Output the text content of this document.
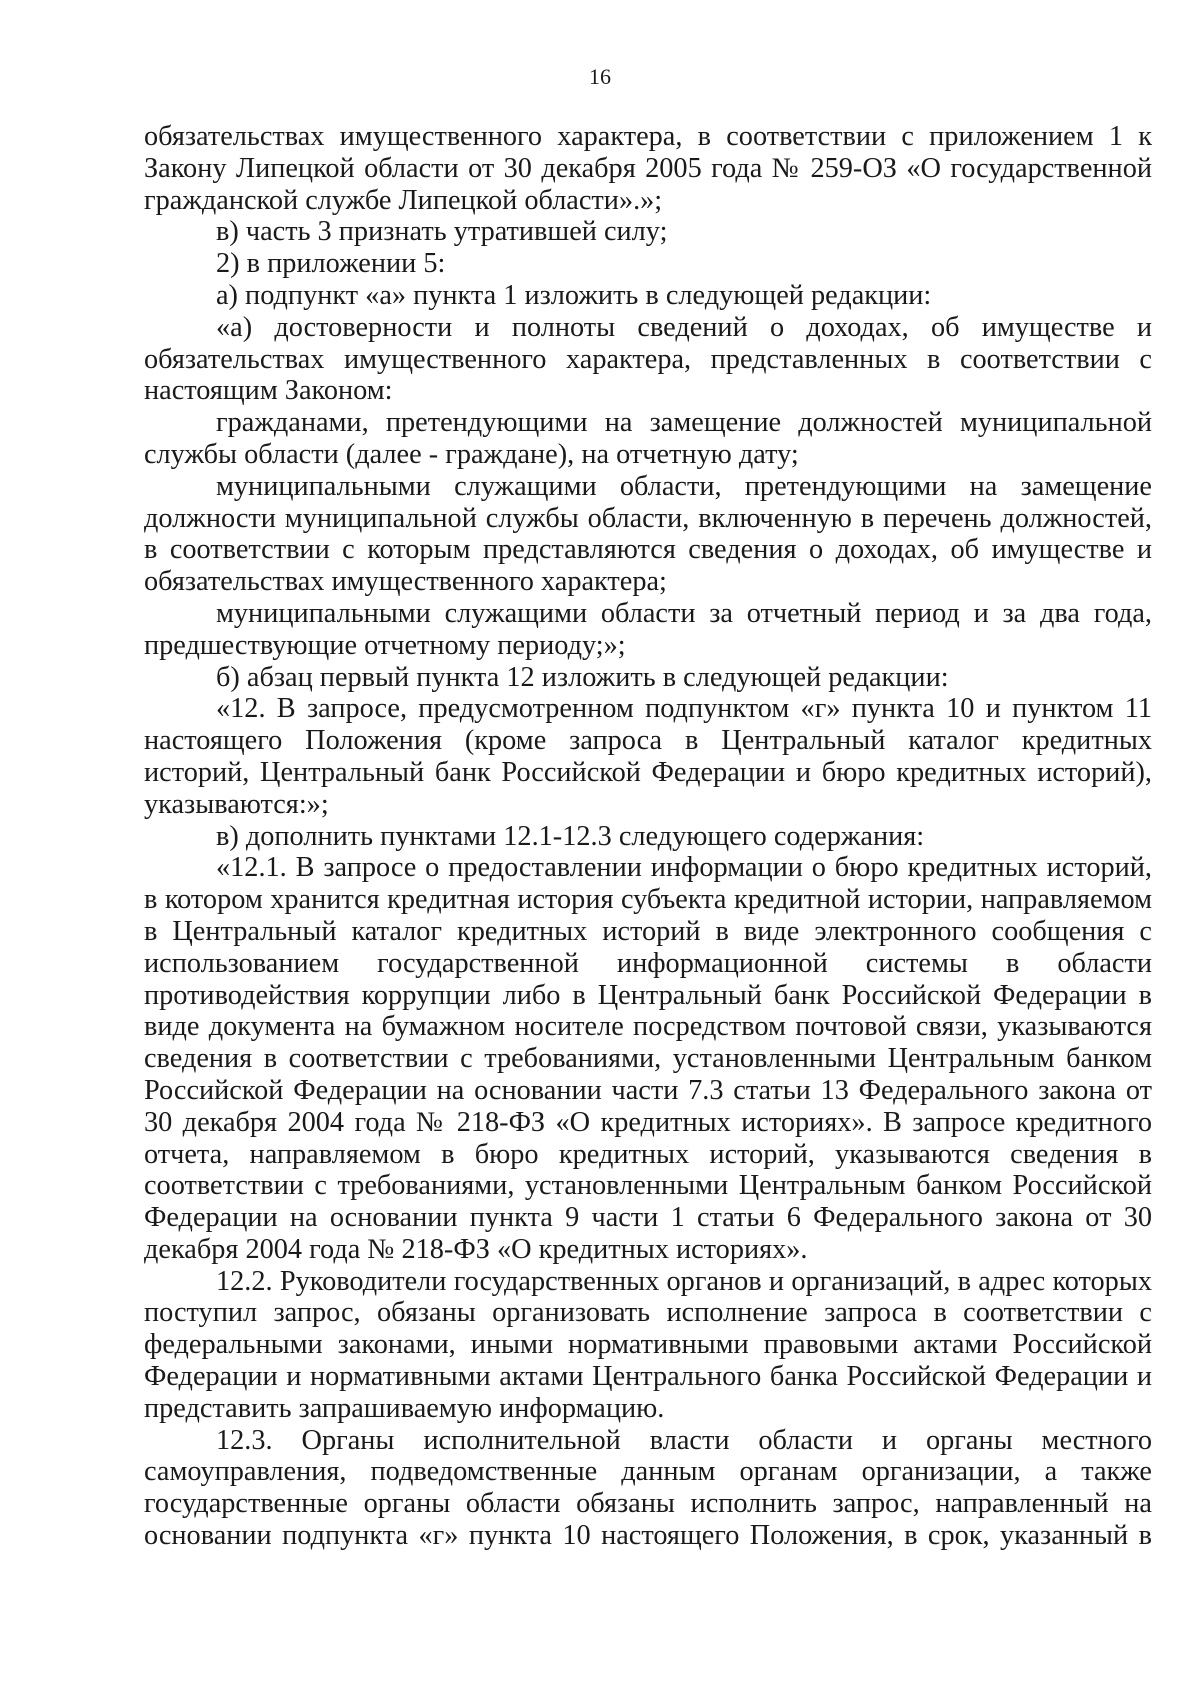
16

обязательствах имущественного характера, в соответствии с приложением 1 к Закону Липецкой области от 30 декабря 2005 года № 259-ОЗ «О государственной гражданской службе Липецкой области».»;

в) часть 3 признать утратившей силу;

2) в приложении 5:

а) подпункт «а» пункта 1 изложить в следующей редакции:

«а) достоверности и полноты сведений о доходах, об имуществе и обязательствах имущественного характера, представленных в соответствии с настоящим Законом:

гражданами, претендующими на замещение должностей муниципальной службы области (далее - граждане), на отчетную дату;

муниципальными служащими области, претендующими на замещение должности муниципальной службы области, включенную в перечень должностей, в соответствии с которым представляются сведения о доходах, об имуществе и обязательствах имущественного характера;

муниципальными служащими области за отчетный период и за два года, предшествующие отчетному периоду;»;

б) абзац первый пункта 12 изложить в следующей редакции:

«12. В запросе, предусмотренном подпунктом «г» пункта 10 и пунктом 11 настоящего Положения (кроме запроса в Центральный каталог кредитных историй, Центральный банк Российской Федерации и бюро кредитных историй), указываются:»;

в) дополнить пунктами 12.1-12.3 следующего содержания:

«12.1. В запросе о предоставлении информации о бюро кредитных историй, в котором хранится кредитная история субъекта кредитной истории, направляемом в Центральный каталог кредитных историй в виде электронного сообщения с использованием государственной информационной системы в области противодействия коррупции либо в Центральный банк Российской Федерации в виде документа на бумажном носителе посредством почтовой связи, указываются сведения в соответствии с требованиями, установленными Центральным банком Российской Федерации на основании части 7.3 статьи 13 Федерального закона от 30 декабря 2004 года № 218-ФЗ «О кредитных историях». В запросе кредитного отчета, направляемом в бюро кредитных историй, указываются сведения в соответствии с требованиями, установленными Центральным банком Российской Федерации на основании пункта 9 части 1 статьи 6 Федерального закона от 30 декабря 2004 года № 218-ФЗ «О кредитных историях».

12.2. Руководители государственных органов и организаций, в адрес которых поступил запрос, обязаны организовать исполнение запроса в соответствии с федеральными законами, иными нормативными правовыми актами Российской Федерации и нормативными актами Центрального банка Российской Федерации и представить запрашиваемую информацию.

12.3. Органы исполнительной власти области и органы местного самоуправления, подведомственные данным органам организации, а также государственные органы области обязаны исполнить запрос, направленный на основании подпункта «г» пункта 10 настоящего Положения, в срок, указанный в
